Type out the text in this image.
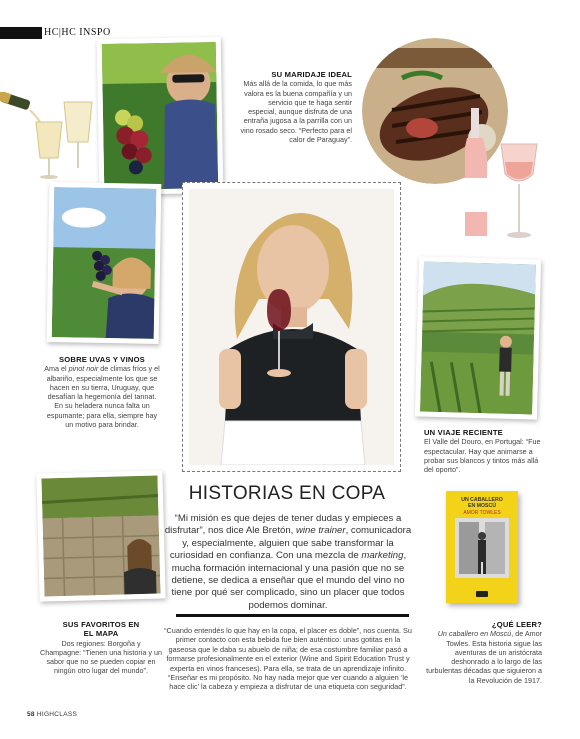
HC|HC INSPO
SU MARIDAJE IDEAL
Más allá de la comida, lo que más valora es la buena compañía y un servicio que te haga sentir especial, aunque disfruta de una entraña jugosa a la parrilla con un vino rosado seco. “Perfecto para el calor de Paraguay”.
SOBRE UVAS Y VINOS
Ama el pinot noir de climas fríos y el albariño, especialmente los que se hacen en su tierra, Uruguay, que desafían la hegemonía del tannat. En su heladera nunca falta un espumante; para ella, siempre hay un motivo para brindar.
UN VIAJE RECIENTE
El Valle del Douro, en Portugal: “Fue espectacular. Hay que animarse a probar sus blancos y tintos más allá del oporto”.
SUS FAVORITOS EN
EL MAPA
Dos regiones: Borgoña y Champagne: “Tienen una historia y un sabor que no se pueden copiar en ningún otro lugar del mundo”.
HISTORIAS EN COPA
“Mi misión es que dejes de tener dudas y empieces a disfrutar”, nos dice Ale Bretón, wine trainer, comunicadora y, especialmente, alguien que sabe transformar la curiosidad en confianza. Con una mezcla de marketing, mucha formación internacional y una pasión que no se detiene, se dedica a enseñar que el mundo del vino no tiene por qué ser complicado, sino un placer que todos podemos dominar.
“Cuando entendés lo que hay en la copa, el placer es doble”, nos cuenta. Su primer contacto con esta bebida fue bien auténtico: unas gotitas en la gaseosa que le daba su abuelo de niña; de esa costumbre familiar pasó a formarse profesionalmente en el exterior (Wine and Spirit Education Trust y experta en vinos franceses). Para ella, se trata de un aprendizaje infinito. “Enseñar es mi propósito. No hay nada mejor que ver cuando a alguien ‘le hace clic’ la cabeza y empieza a disfrutar de una etiqueta con seguridad”.
UN CABALLERO
EN MOSCÚ
AMOR TOWLES
¿QUÉ LEER?
Un caballero en Moscú, de Amor Towles. Esta historia sigue las aventuras de un aristócrata deshonrado a lo largo de las turbulentas décadas que siguieron a la Revolución de 1917.
58 HIGHCLASS
